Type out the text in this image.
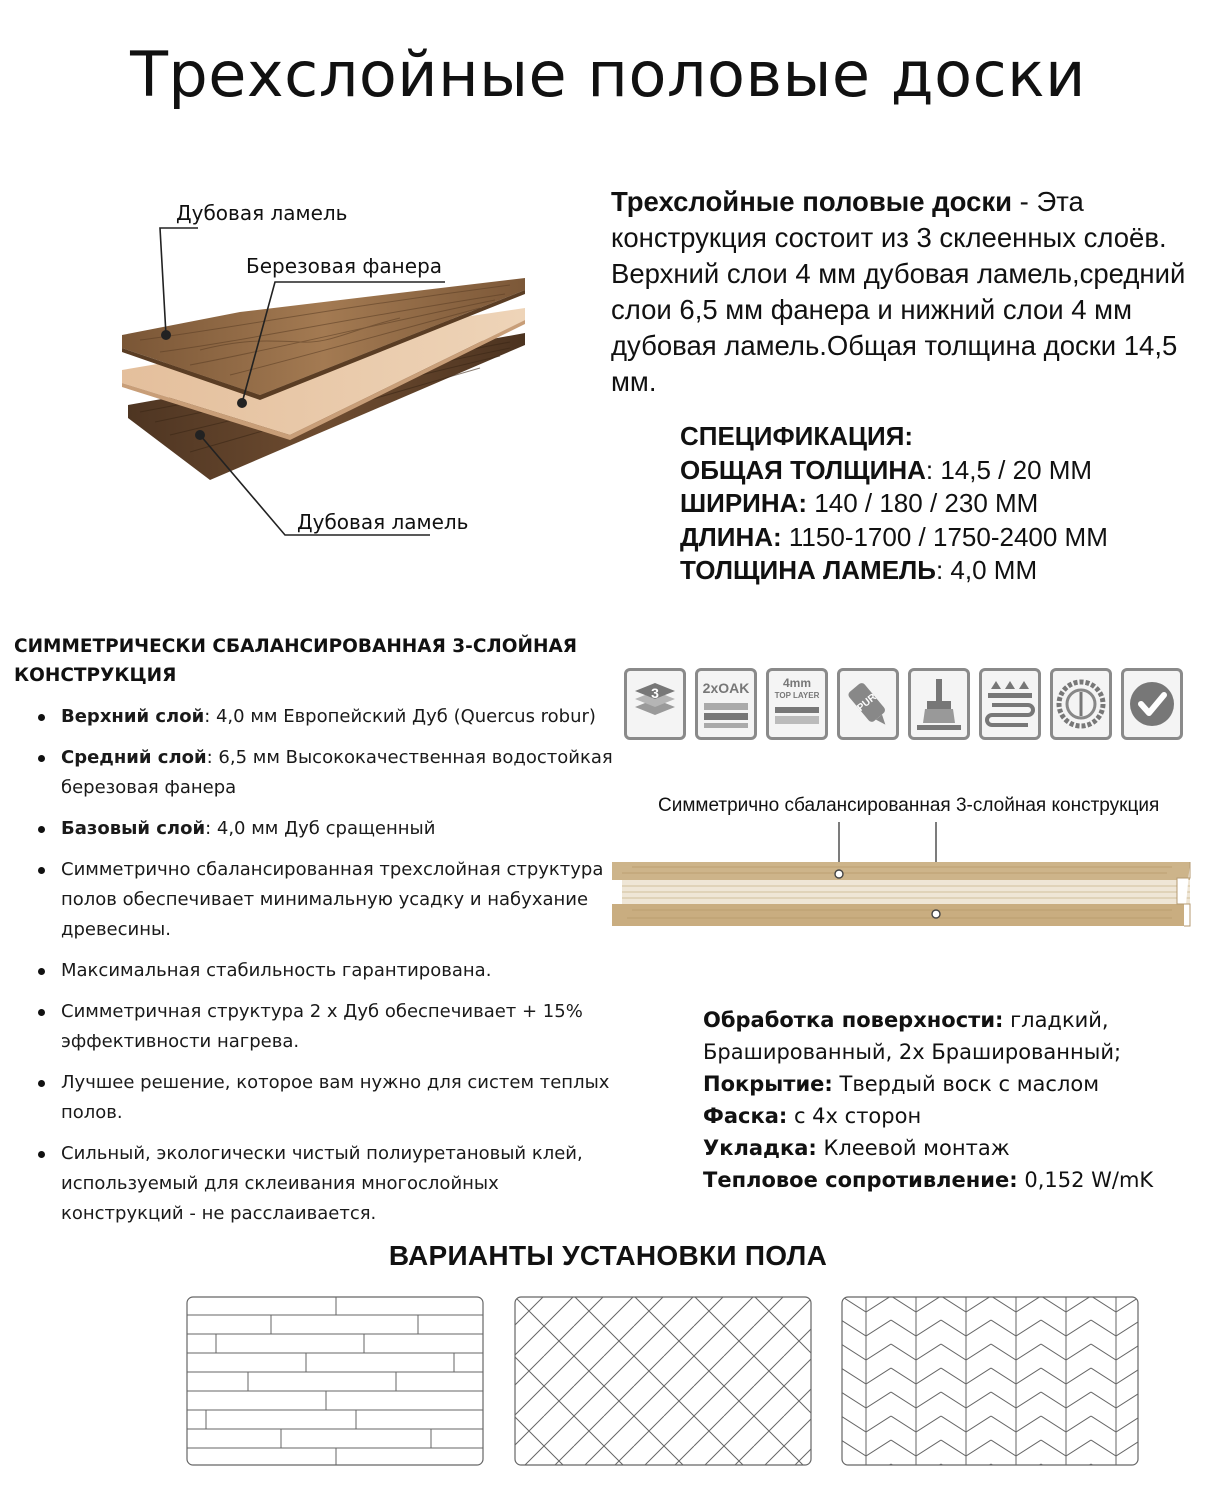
Трехслойные половые доски
Дубовая ламель
Березовая фанера
Дубовая ламель
Трехслойные половые доски - Эта конструкция состоит из 3 склеенных слоёв. Верхний слои 4 мм дубовая ламель,средний слои 6,5 мм фанера и нижний слои 4 мм дубовая ламель.Общая толщина доски 14,5 мм.
СПЕЦИФИКАЦИЯ:
ОБЩАЯ ТОЛЩИНА: 14,5 / 20 ММ
ШИРИНА: 140 / 180 / 230 ММ
ДЛИНА: 1150-1700 / 1750-2400 ММ
ТОЛЩИНА ЛАМЕЛЬ: 4,0 ММ
СИММЕТРИЧЕСКИ СБАЛАНСИРОВАННАЯ 3-СЛОЙНАЯ КОНСТРУКЦИЯ
Верхний слой: 4,0 мм Европейский Дуб (Quercus robur)
Средний слой: 6,5 мм Высококачественная водостойкая березовая фанера
Базовый слой: 4,0 мм Дуб сращенный
Симметрично сбалансированная трехслойная структура полов обеспечивает минимальную усадку и набухание древесины.
Максимальная стабильность гарантирована.
Симметричная структура 2 х Дуб обеспечивает + 15% эффективности нагрева.
Лучшее решение, которое вам нужно для систем теплых полов.
Сильный, экологически чистый полиуретановый клей, используемый для склеивания многослойных конструкций - не расслаивается.
3	2xOAK	4mm
TOP LAYER	PUR
Симметрично сбалансированная 3-слойная конструкция
Обработка поверхности: гладкий, Брашированный, 2х Брашированный;
Покрытие: Твердый воск с маслом
Фаска: с 4х сторон
Укладка: Клеевой монтаж
Тепловое сопротивление: 0,152 W/mK
ВАРИАНТЫ УСТАНОВКИ ПОЛА
